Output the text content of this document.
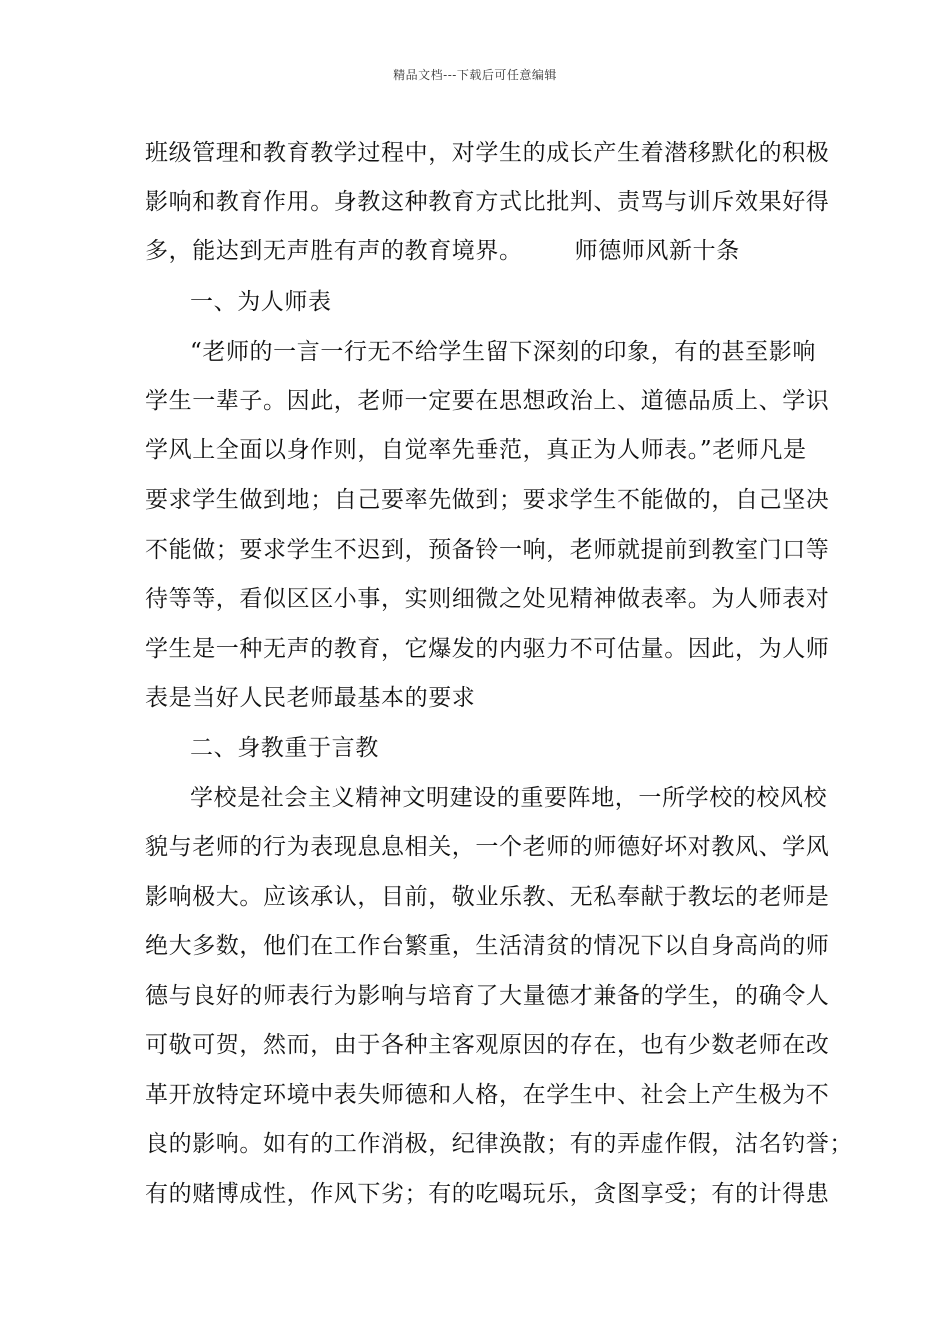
精品文档---下载后可任意编辑
班级管理和教育教学过程中，对学生的成长产生着潜移默化的积极
影响和教育作用。身教这种教育方式比批判、责骂与训斥效果好得
多，能达到无声胜有声的教育境界。 师德师风新十条
一、为人师表
“老师的一言一行无不给学生留下深刻的印象，有的甚至影响
学生一辈子。因此，老师一定要在思想政治上、道德品质上、学识
学风上全面以身作则，自觉率先垂范，真正为人师表。”老师凡是
要求学生做到地；自己要率先做到；要求学生不能做的，自己坚决
不能做；要求学生不迟到，预备铃一响，老师就提前到教室门口等
待等等，看似区区小事，实则细微之处见精神做表率。为人师表对
学生是一种无声的教育，它爆发的内驱力不可估量。因此，为人师
表是当好人民老师最基本的要求
二、身教重于言教
学校是社会主义精神文明建设的重要阵地，一所学校的校风校
貌与老师的行为表现息息相关，一个老师的师德好坏对教风、学风
影响极大。应该承认，目前，敬业乐教、无私奉献于教坛的老师是
绝大多数，他们在工作台繁重，生活清贫的情况下以自身高尚的师
德与良好的师表行为影响与培育了大量德才兼备的学生，的确令人
可敬可贺，然而，由于各种主客观原因的存在，也有少数老师在改
革开放特定环境中表失师德和人格，在学生中、社会上产生极为不
良的影响。如有的工作消极，纪律涣散；有的弄虚作假，沽名钓誉；
有的赌博成性，作风下劣；有的吃喝玩乐，贪图享受；有的计得患
